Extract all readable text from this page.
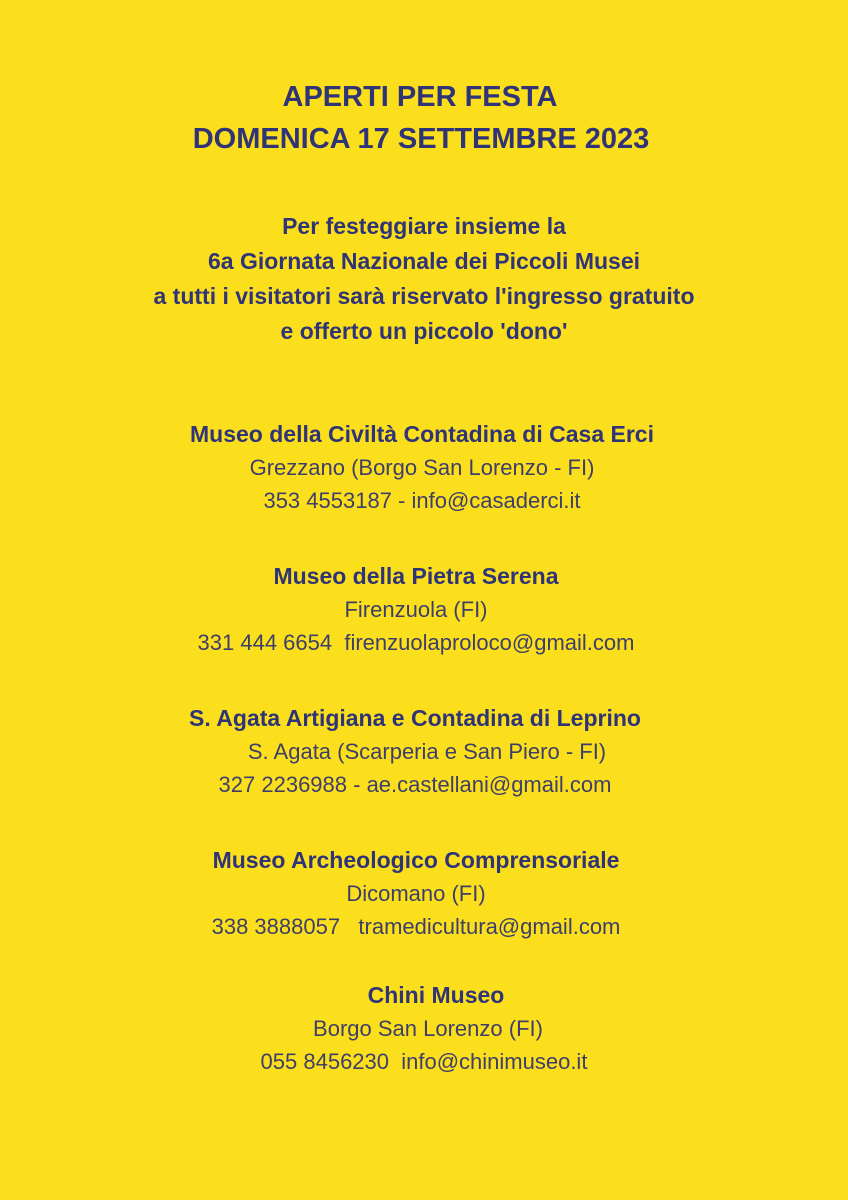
APERTI PER FESTA
DOMENICA 17 SETTEMBRE 2023
Per festeggiare insieme la
6a Giornata Nazionale dei Piccoli Musei
a tutti i visitatori sarà riservato l'ingresso gratuito
e offerto un piccolo 'dono'
Museo della Civiltà Contadina di Casa Erci
Grezzano (Borgo San Lorenzo - FI)
353 4553187 - info@casaderci.it
Museo della Pietra Serena
Firenzuola (FI)
331 444 6654  firenzuolaproloco@gmail.com
S. Agata Artigiana e Contadina di Leprino
S. Agata (Scarperia e San Piero - FI)
327 2236988 - ae.castellani@gmail.com
Museo Archeologico Comprensoriale
Dicomano (FI)
338 3888057   tramedicultura@gmail.com
Chini Museo
Borgo San Lorenzo (FI)
055 8456230  info@chinimuseo.it
